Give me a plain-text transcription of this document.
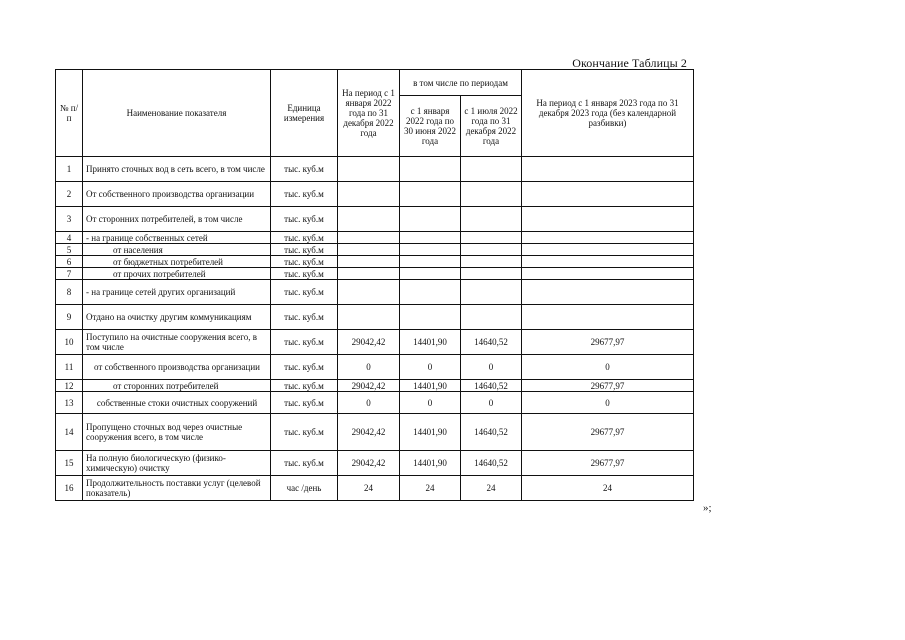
Окончание Таблицы 2
№ п/п	Наименование показателя	Единица измерения	На период с 1 января 2022 года по 31 декабря 2022 года	в том числе по периодам		На период с 1 января 2023 года по 31 декабря 2023 года (без календарной разбивки)
				с 1 января 2022 года по 30 июня 2022 года	с 1 июля 2022 года по 31 декабря 2022 года	
1	Принято сточных вод в сеть всего, в том числе	тыс. куб.м				
2	От собственного производства организации	тыс. куб.м				
3	От сторонних потребителей, в том числе	тыс. куб.м				
4	- на границе собственных сетей	тыс. куб.м				
5	от населения	тыс. куб.м				
6	от бюджетных потребителей	тыс. куб.м				
7	от прочих потребителей	тыс. куб.м				
8	- на границе сетей других организаций	тыс. куб.м				
9	Отдано на очистку другим коммуникациям	тыс. куб.м				
10	Поступило на очистные сооружения всего, в том числе	тыс. куб.м	29042,42	14401,90	14640,52	29677,97
11	от собственного производства организации	тыс. куб.м	0	0	0	0
12	от сторонних потребителей	тыс. куб.м	29042,42	14401,90	14640,52	29677,97
13	собственные стоки очистных сооружений	тыс. куб.м	0	0	0	0
14	Пропущено сточных вод через очистные сооружения всего, в том числе	тыс. куб.м	29042,42	14401,90	14640,52	29677,97
15	На полную биологическую (физико-химическую) очистку	тыс. куб.м	29042,42	14401,90	14640,52	29677,97
16	Продолжительность поставки услуг (целевой показатель)	час /день	24	24	24	24
»;
